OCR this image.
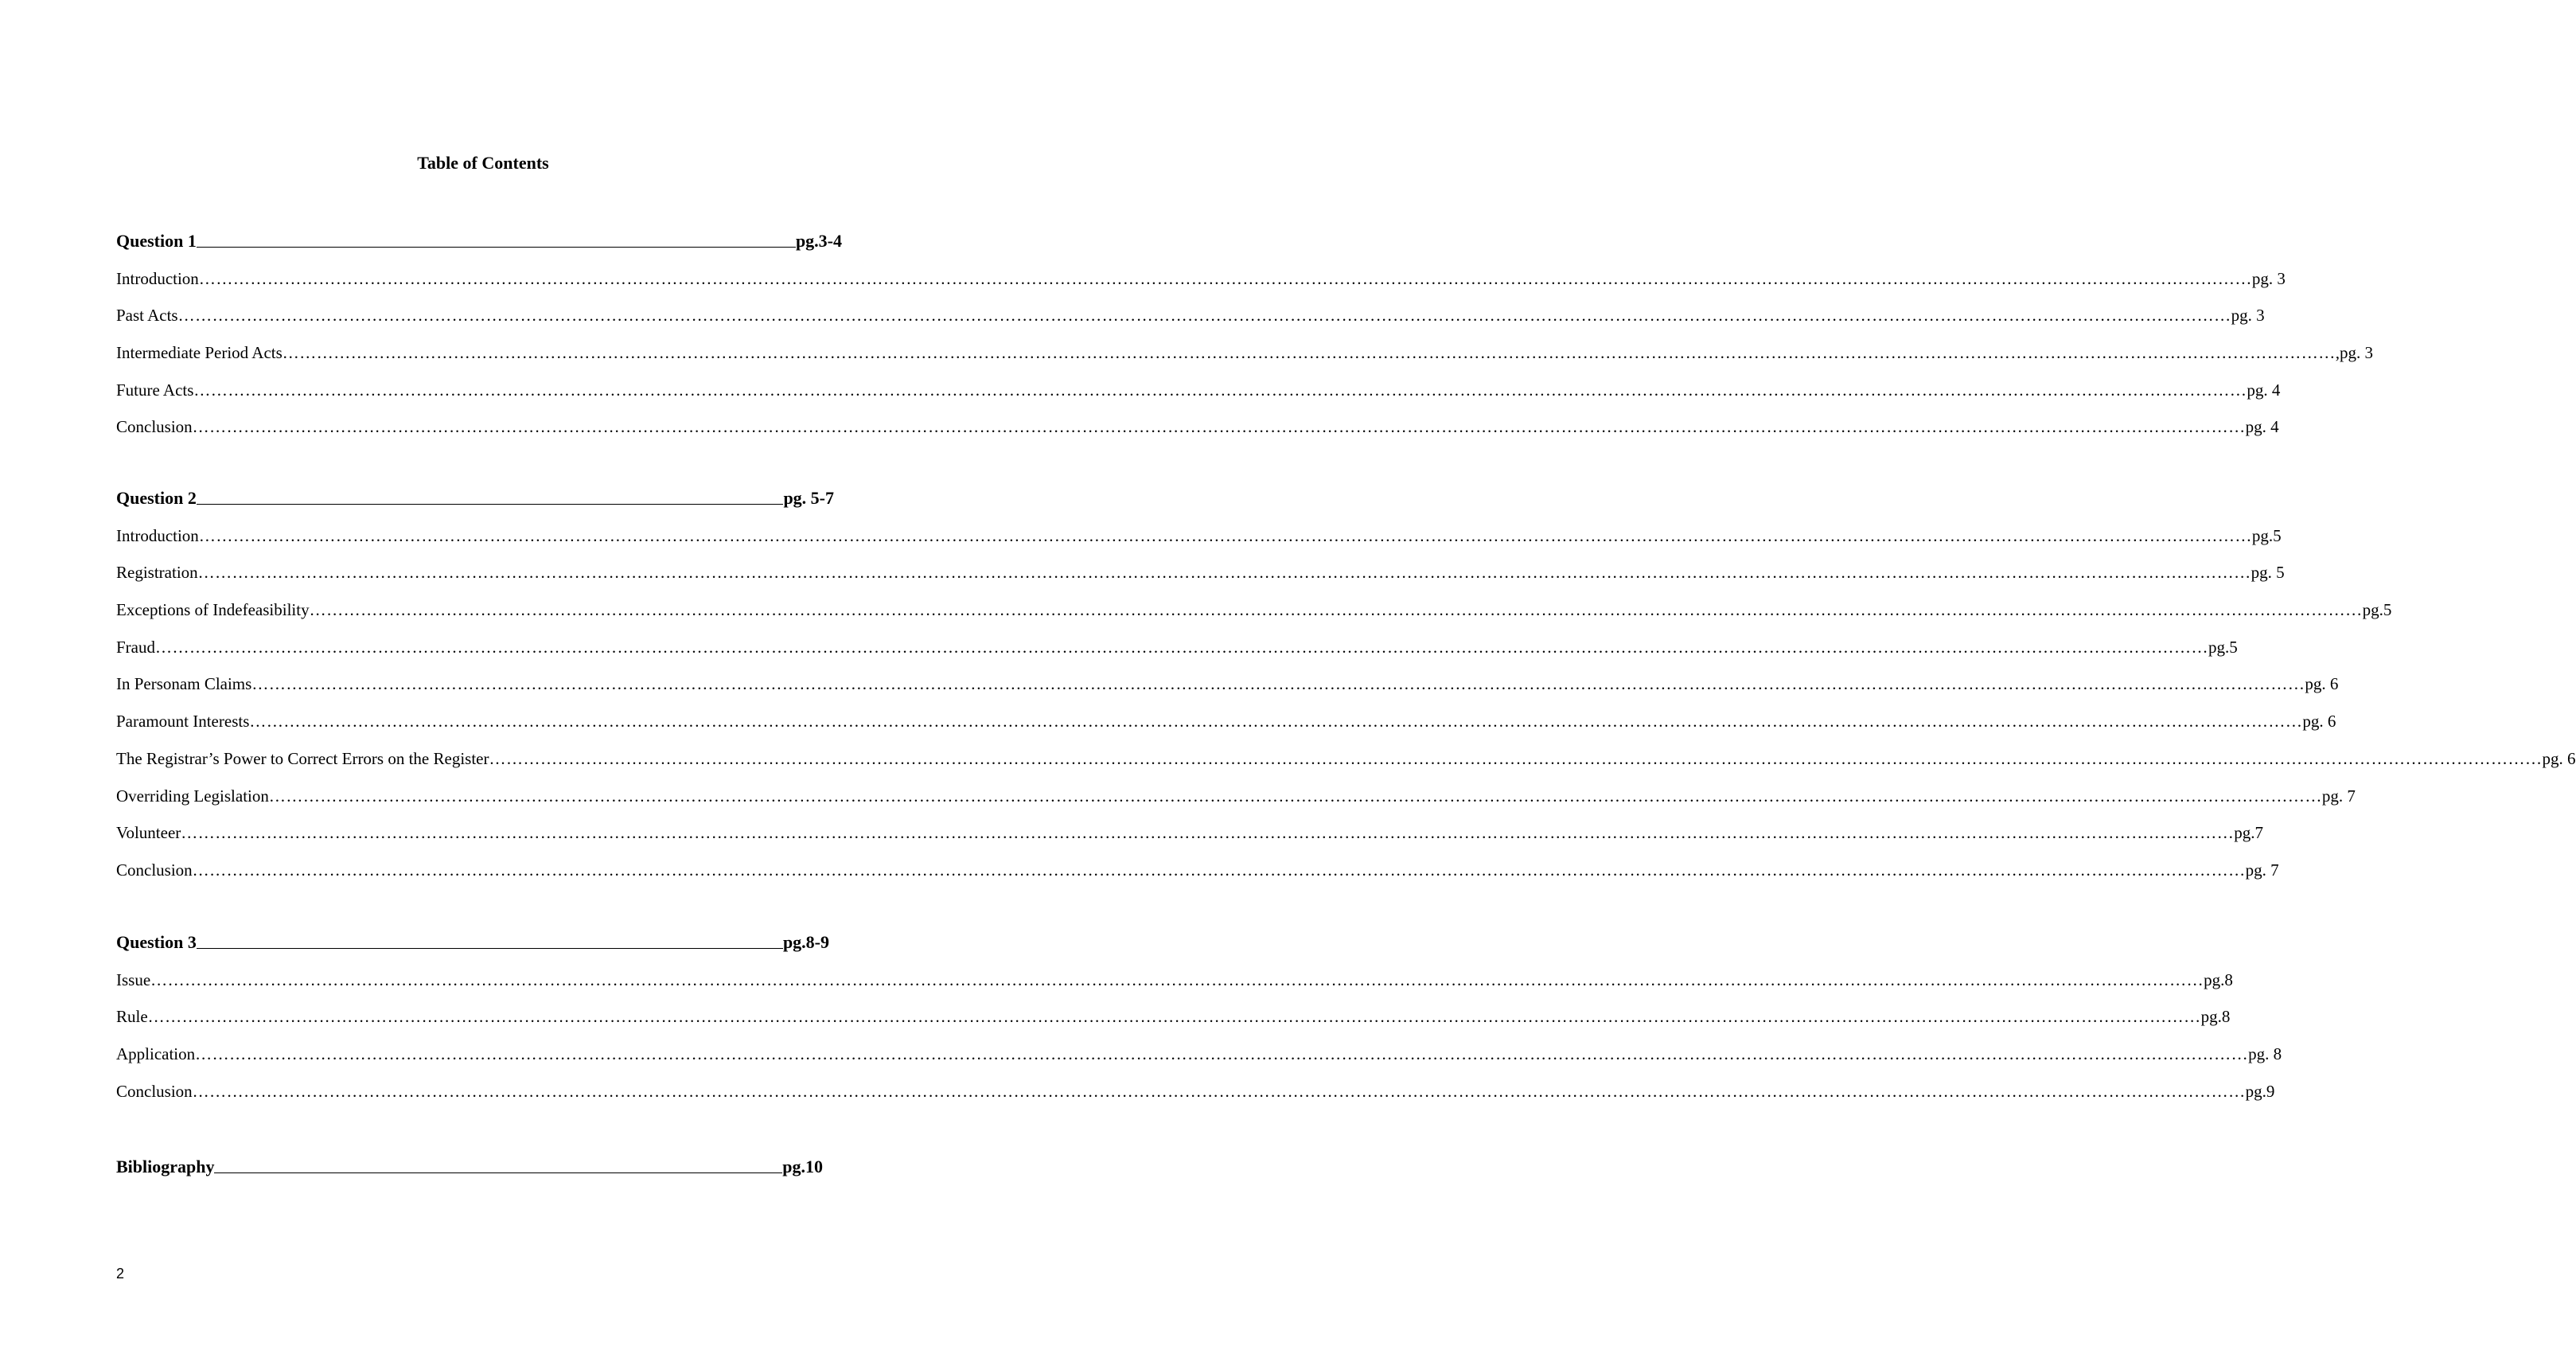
Table of Contents
Question 1	pg.3-4
Introduction ……………………………………………………………………………………………………………………………………………………………………………………………………………………………………………………………………………………………………………………………… pg. 3
Past Acts ……………………………………………………………………………………………………………………………………………………………………………………………………………………………………………………………………………………………………………………………… pg. 3
Intermediate Period Acts ……………………………………………………………………………………………………………………………………………………………………………………………………………………………………………………………………………………………………………………………… ,pg. 3
Future Acts ……………………………………………………………………………………………………………………………………………………………………………………………………………………………………………………………………………………………………………………………… pg. 4
Conclusion ……………………………………………………………………………………………………………………………………………………………………………………………………………………………………………………………………………………………………………………………… pg. 4
Question 2	pg. 5-7
Introduction ……………………………………………………………………………………………………………………………………………………………………………………………………………………………………………………………………………………………………………………………… pg.5
Registration ……………………………………………………………………………………………………………………………………………………………………………………………………………………………………………………………………………………………………………………………… pg. 5
Exceptions of Indefeasibility ……………………………………………………………………………………………………………………………………………………………………………………………………………………………………………………………………………………………………………………………… pg.5
Fraud ……………………………………………………………………………………………………………………………………………………………………………………………………………………………………………………………………………………………………………………………… pg.5
In Personam Claims ……………………………………………………………………………………………………………………………………………………………………………………………………………………………………………………………………………………………………………………………… pg. 6
Paramount Interests ……………………………………………………………………………………………………………………………………………………………………………………………………………………………………………………………………………………………………………………………… pg. 6
The Registrar’s Power to Correct Errors on the Register ……………………………………………………………………………………………………………………………………………………………………………………………………………………………………………………………………………………………………………………………… pg. 6
Overriding Legislation ……………………………………………………………………………………………………………………………………………………………………………………………………………………………………………………………………………………………………………………………… pg. 7
Volunteer ……………………………………………………………………………………………………………………………………………………………………………………………………………………………………………………………………………………………………………………………… pg.7
Conclusion ……………………………………………………………………………………………………………………………………………………………………………………………………………………………………………………………………………………………………………………………… pg. 7
Question 3	pg.8-9
Issue ……………………………………………………………………………………………………………………………………………………………………………………………………………………………………………………………………………………………………………………………… pg.8
Rule ……………………………………………………………………………………………………………………………………………………………………………………………………………………………………………………………………………………………………………………………… pg.8
Application ……………………………………………………………………………………………………………………………………………………………………………………………………………………………………………………………………………………………………………………………… pg. 8
Conclusion ……………………………………………………………………………………………………………………………………………………………………………………………………………………………………………………………………………………………………………………………… pg.9
Bibliography	pg.10
2
